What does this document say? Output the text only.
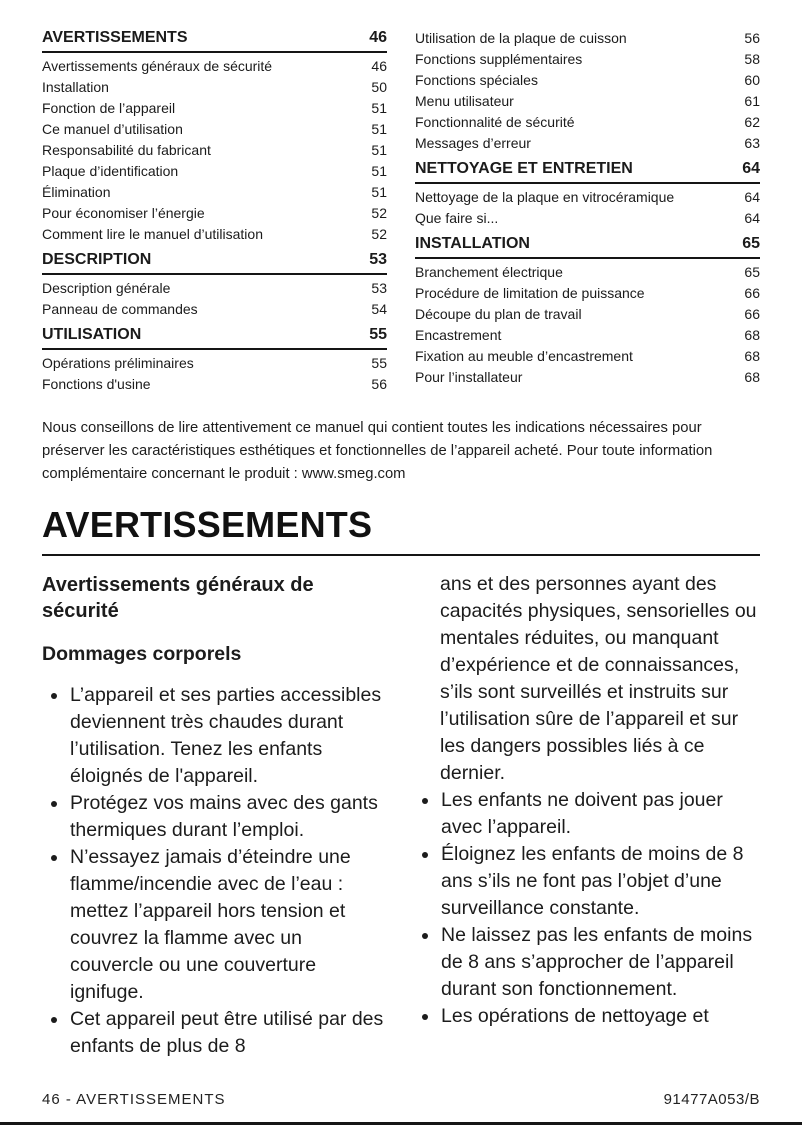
AVERTISSEMENTS	46
Avertissements généraux de sécurité	46
Installation	50
Fonction de l’appareil	51
Ce manuel d’utilisation	51
Responsabilité du fabricant	51
Plaque d’identification	51
Élimination	51
Pour économiser l’énergie	52
Comment lire le manuel d’utilisation	52
DESCRIPTION	53
Description générale	53
Panneau de commandes	54
UTILISATION	55
Opérations préliminaires	55
Fonctions d'usine	56
Utilisation de la plaque de cuisson	56
Fonctions supplémentaires	58
Fonctions spéciales	60
Menu utilisateur	61
Fonctionnalité de sécurité	62
Messages d’erreur	63
NETTOYAGE ET ENTRETIEN	64
Nettoyage de la plaque en vitrocéramique	64
Que faire si...	64
INSTALLATION	65
Branchement électrique	65
Procédure de limitation de puissance	66
Découpe du plan de travail	66
Encastrement	68
Fixation au meuble d’encastrement	68
Pour l’installateur	68

Nous conseillons de lire attentivement ce manuel qui contient toutes les indications nécessaires pour préserver les caractéristiques esthétiques et fonctionnelles de l’appareil acheté. Pour toute information complémentaire concernant le produit : www.smeg.com

AVERTISSEMENTS
Avertissements généraux de sécurité
Dommages corporels
• L’appareil et ses parties accessibles deviennent très chaudes durant l’utilisation. Tenez les enfants éloignés de l'appareil.
• Protégez vos mains avec des gants thermiques durant l’emploi.
• N’essayez jamais d’éteindre une flamme/incendie avec de l’eau : mettez l’appareil hors tension et couvrez la flamme avec un couvercle ou une couverture ignifuge.
• Cet appareil peut être utilisé par des enfants de plus de 8

ans et des personnes ayant des capacités physiques, sensorielles ou mentales réduites, ou manquant d’expérience et de connaissances, s’ils sont surveillés et instruits sur l’utilisation sûre de l’appareil et sur les dangers possibles liés à ce dernier.

• Les enfants ne doivent pas jouer avec l’appareil.
• Éloignez les enfants de moins de 8 ans s’ils ne font pas l’objet d’une surveillance constante.
• Ne laissez pas les enfants de moins de 8 ans s’approcher de l’appareil durant son fonctionnement.
• Les opérations de nettoyage et
46 - AVERTISSEMENTS	91477A053/B
